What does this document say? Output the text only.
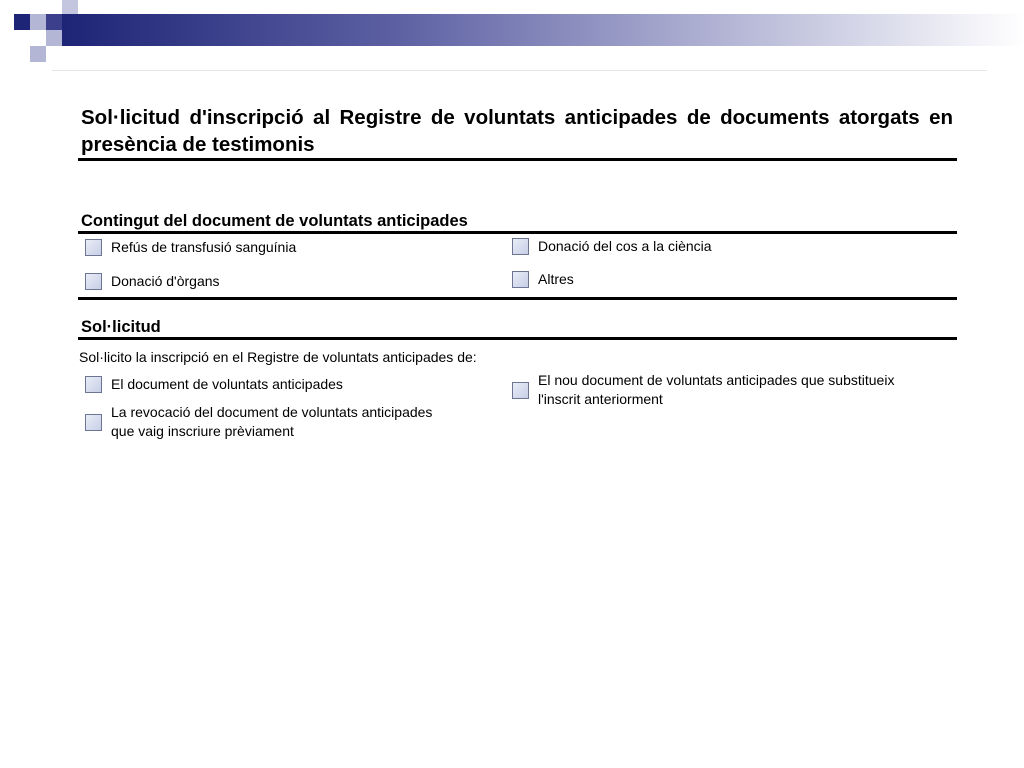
Sol·licitud d'inscripció al Registre de voluntats anticipades de documents atorgats en presència de testimonis
Contingut del document de voluntats anticipades
Refús de transfusió sanguínia	Donació del cos a la ciència
Donació d'òrgans	Altres
Sol·licitud
Sol·licito la inscripció en el Registre de voluntats anticipades de:
El document de voluntats anticipades
La revocació del document de voluntats anticipades
que vaig inscriure prèviament
El nou document de voluntats anticipades que substitueix
l'inscrit anteriorment
